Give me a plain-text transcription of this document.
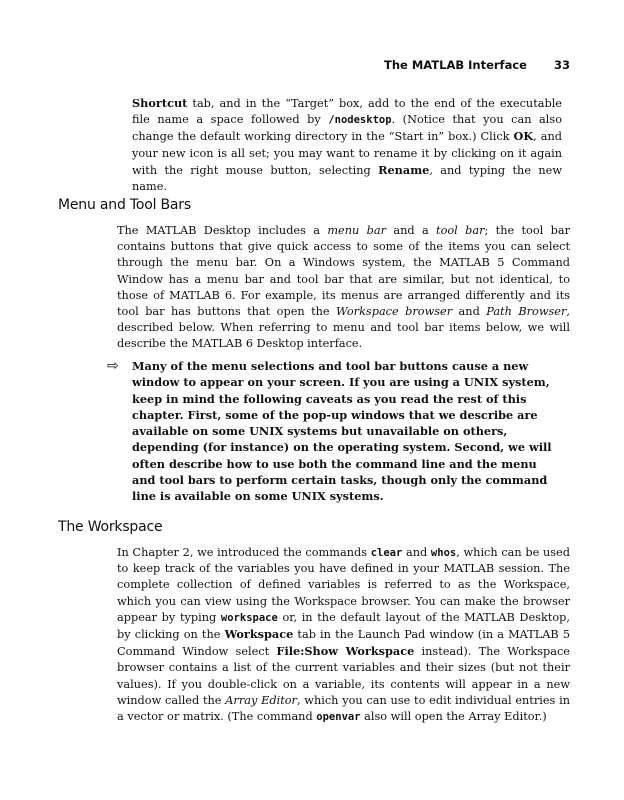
The MATLAB Interface 33

Shortcut tab, and in the “Target” box, add to the end of the executable file name a space followed by /nodesktop. (Notice that you can also change the default working directory in the “Start in” box.) Click OK, and your new icon is all set; you may want to rename it by clicking on it again with the right mouse button, selecting Rename, and typing the new name.

Menu and Tool Bars

The MATLAB Desktop includes a menu bar and a tool bar; the tool bar contains buttons that give quick access to some of the items you can select through the menu bar. On a Windows system, the MATLAB 5 Command Window has a menu bar and tool bar that are similar, but not identical, to those of MATLAB 6. For example, its menus are arranged differently and its tool bar has buttons that open the Workspace browser and Path Browser, described below. When referring to menu and tool bar items below, we will describe the MATLAB 6 Desktop interface.

⇨ Many of the menu selections and tool bar buttons cause a new window to appear on your screen. If you are using a UNIX system, keep in mind the following caveats as you read the rest of this chapter. First, some of the pop-up windows that we describe are available on some UNIX systems but unavailable on others, depending (for instance) on the operating system. Second, we will often describe how to use both the command line and the menu and tool bars to perform certain tasks, though only the command line is available on some UNIX systems.
The Workspace

In Chapter 2, we introduced the commands clear and whos, which can be used to keep track of the variables you have defined in your MATLAB session. The complete collection of defined variables is referred to as the Workspace, which you can view using the Workspace browser. You can make the browser appear by typing workspace or, in the default layout of the MATLAB Desktop, by clicking on the Workspace tab in the Launch Pad window (in a MATLAB 5 Command Window select File:Show Workspace instead). The Workspace browser contains a list of the current variables and their sizes (but not their values). If you double-click on a variable, its contents will appear in a new window called the Array Editor, which you can use to edit individual entries in a vector or matrix. (The command openvar also will open the Array Editor.)
